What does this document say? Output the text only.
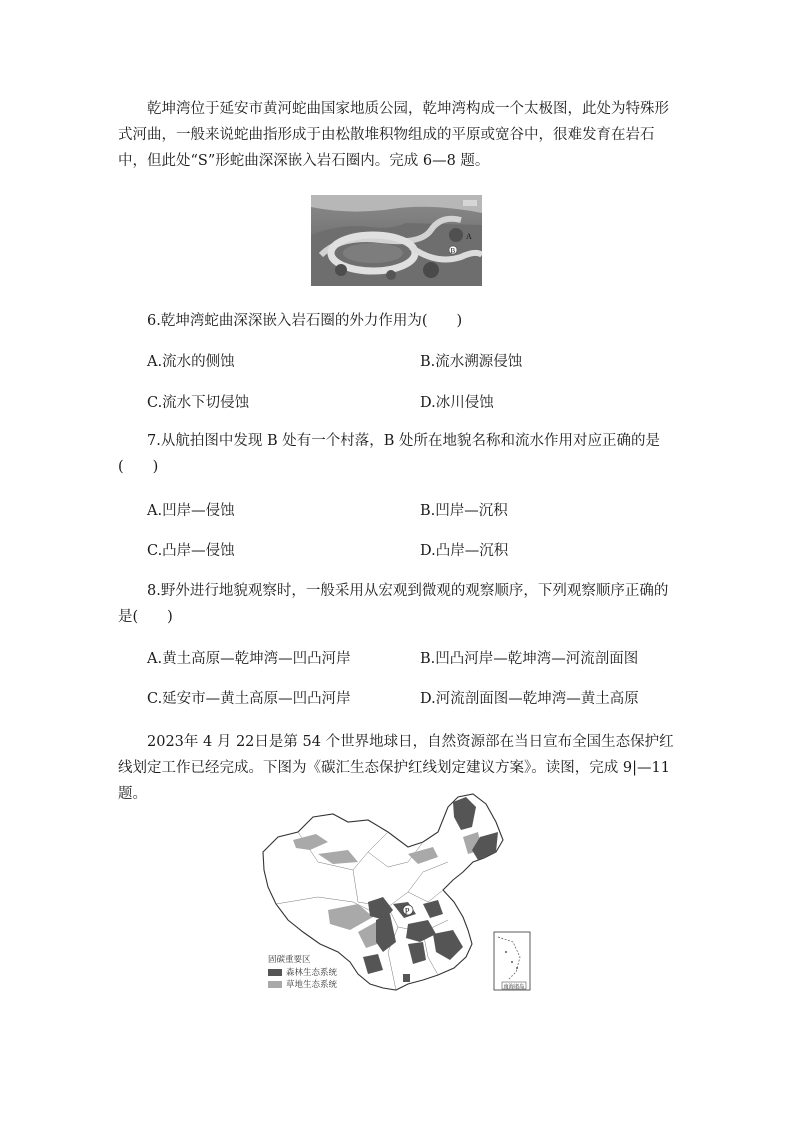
乾坤湾位于延安市黄河蛇曲国家地质公园，乾坤湾构成一个太极图，此处为特殊形式河曲，一般来说蛇曲指形成于由松散堆积物组成的平原或宽谷中，很难发育在岩石中，但此处“S”形蛇曲深深嵌入岩石圈内。完成 6—8 题。

B
A
6.乾坤湾蛇曲深深嵌入岩石圈的外力作用为(　　)
A.流水的侧蚀	B.流水溯源侵蚀
C.流水下切侵蚀	D.冰川侵蚀
7.从航拍图中发现 B 处有一个村落，B 处所在地貌名称和流水作用对应正确的是(　　)
A.凹岸—侵蚀	B.凹岸—沉积
C.凸岸—侵蚀	D.凸岸—沉积
8.野外进行地貌观察时，一般采用从宏观到微观的观察顺序，下列观察顺序正确的是(　　)
A.黄土高原—乾坤湾—凹凸河岸	B.凹凸河岸—乾坤湾—河流剖面图
C.延安市—黄土高原—凹凸河岸	D.河流剖面图—乾坤湾—黄土高原

2023年 4 月 22日是第 54 个世界地球日，自然资源部在当日宣布全国生态保护红线划定工作已经完成。下图为《碳汇生态保护红线划定建议方案》。读图，完成 9|—11 题。

P
南海诸岛
固碳重要区
森林生态系统
草地生态系统
